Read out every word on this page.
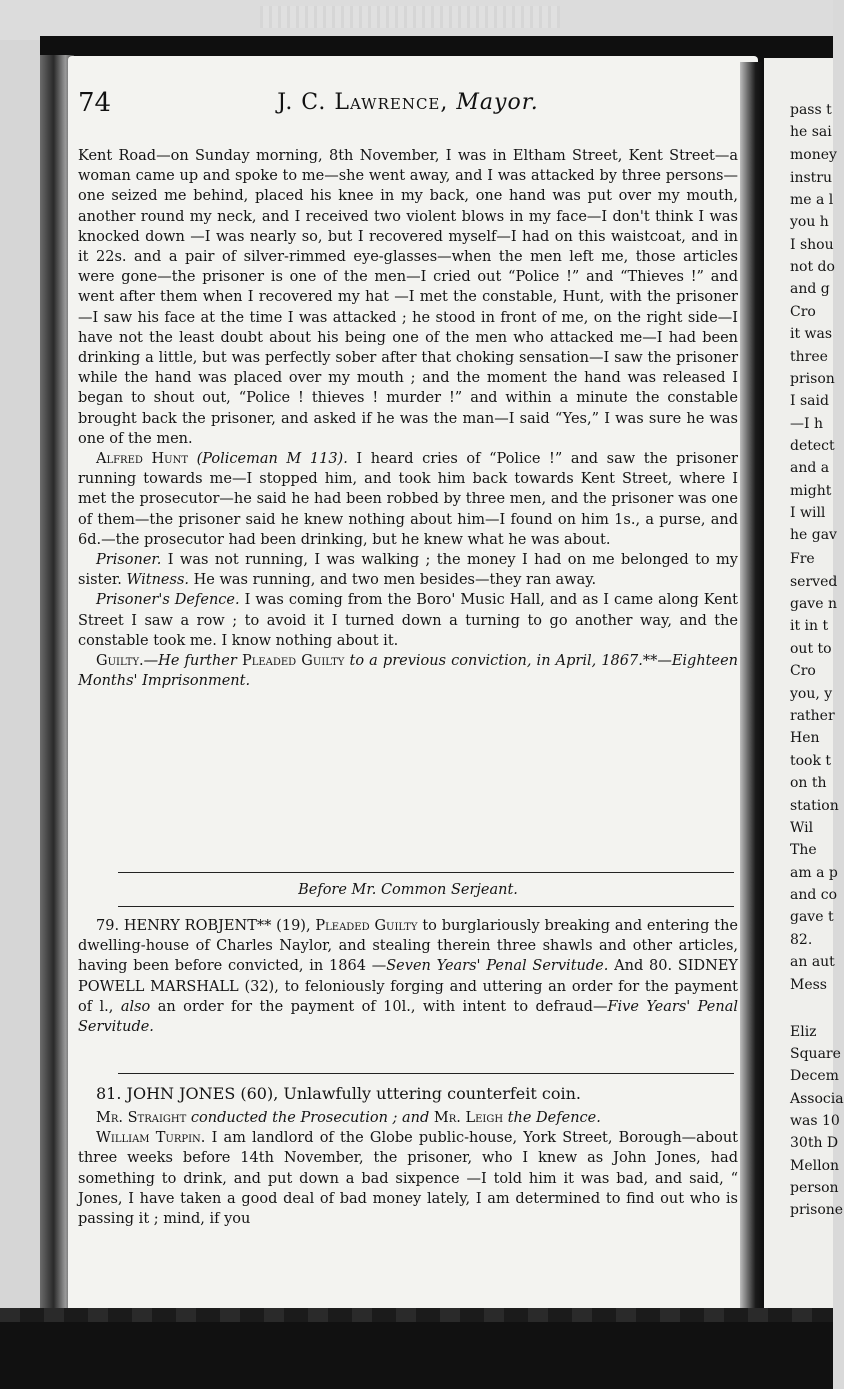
pass t
he sai
money
instru
me a l
you h
I shou
not do
and g
Cro
it was
three
prison
I said
—I h
detect
and a
might
I will
he gav
Fre
served
gave n
it in t
out to
Cro
you, y
rather
Hen
took t
on th
station
Wil
The
am a p
and co
gave t
82.
an aut
Mess
Eliz
Square
Decem
Associa
was 10
30th D
Mellon
person
prisone
74	J. C. Lawrence, Mayor.

Kent Road—on Sunday morning, 8th November, I was in Eltham Street, Kent Street—a woman came up and spoke to me—she went away, and I was attacked by three persons—one seized me behind, placed his knee in my back, one hand was put over my mouth, another round my neck, and I received two violent blows in my face—I don't think I was knocked down —I was nearly so, but I recovered myself—I had on this waistcoat, and in it 22s. and a pair of silver-rimmed eye-glasses—when the men left me, those articles were gone—the prisoner is one of the men—I cried out “Police !” and “Thieves !” and went after them when I recovered my hat —I met the constable, Hunt, with the prisoner—I saw his face at the time I was attacked ; he stood in front of me, on the right side—I have not the least doubt about his being one of the men who attacked me—I had been drinking a little, but was perfectly sober after that choking sensation—I saw the prisoner while the hand was placed over my mouth ; and the moment the hand was released I began to shout out, “Police ! thieves ! murder !” and within a minute the constable brought back the prisoner, and asked if he was the man—I said “Yes,” I was sure he was one of the men.

Alfred Hunt (Policeman M 113). I heard cries of “Police !” and saw the prisoner running towards me—I stopped him, and took him back towards Kent Street, where I met the prosecutor—he said he had been robbed by three men, and the prisoner was one of them—the prisoner said he knew nothing about him—I found on him 1s., a purse, and 6d.—the prosecutor had been drinking, but he knew what he was about.

Prisoner. I was not running, I was walking ; the money I had on me belonged to my sister. Witness. He was running, and two men besides—they ran away.

Prisoner's Defence. I was coming from the Boro' Music Hall, and as I came along Kent Street I saw a row ; to avoid it I turned down a turning to go another way, and the constable took me. I know nothing about it.

Guilty.—He further Pleaded Guilty to a previous conviction, in April, 1867.**—Eighteen Months' Imprisonment.

Before Mr. Common Serjeant.

79. HENRY ROBJENT** (19), Pleaded Guilty to burglariously breaking and entering the dwelling-house of Charles Naylor, and stealing therein three shawls and other articles, having been before convicted, in 1864 —Seven Years' Penal Servitude. And 80. SIDNEY POWELL MARSHALL (32), to feloniously forging and uttering an order for the payment of l., also an order for the payment of 10l., with intent to defraud—Five Years' Penal Servitude.

81. JOHN JONES (60), Unlawfully uttering counterfeit coin.

Mr. Straight conducted the Prosecution ; and Mr. Leigh the Defence.

William Turpin. I am landlord of the Globe public-house, York Street, Borough—about three weeks before 14th November, the prisoner, who I knew as John Jones, had something to drink, and put down a bad sixpence —I told him it was bad, and said, “ Jones, I have taken a good deal of bad money lately, I am determined to find out who is passing it ; mind, if you
